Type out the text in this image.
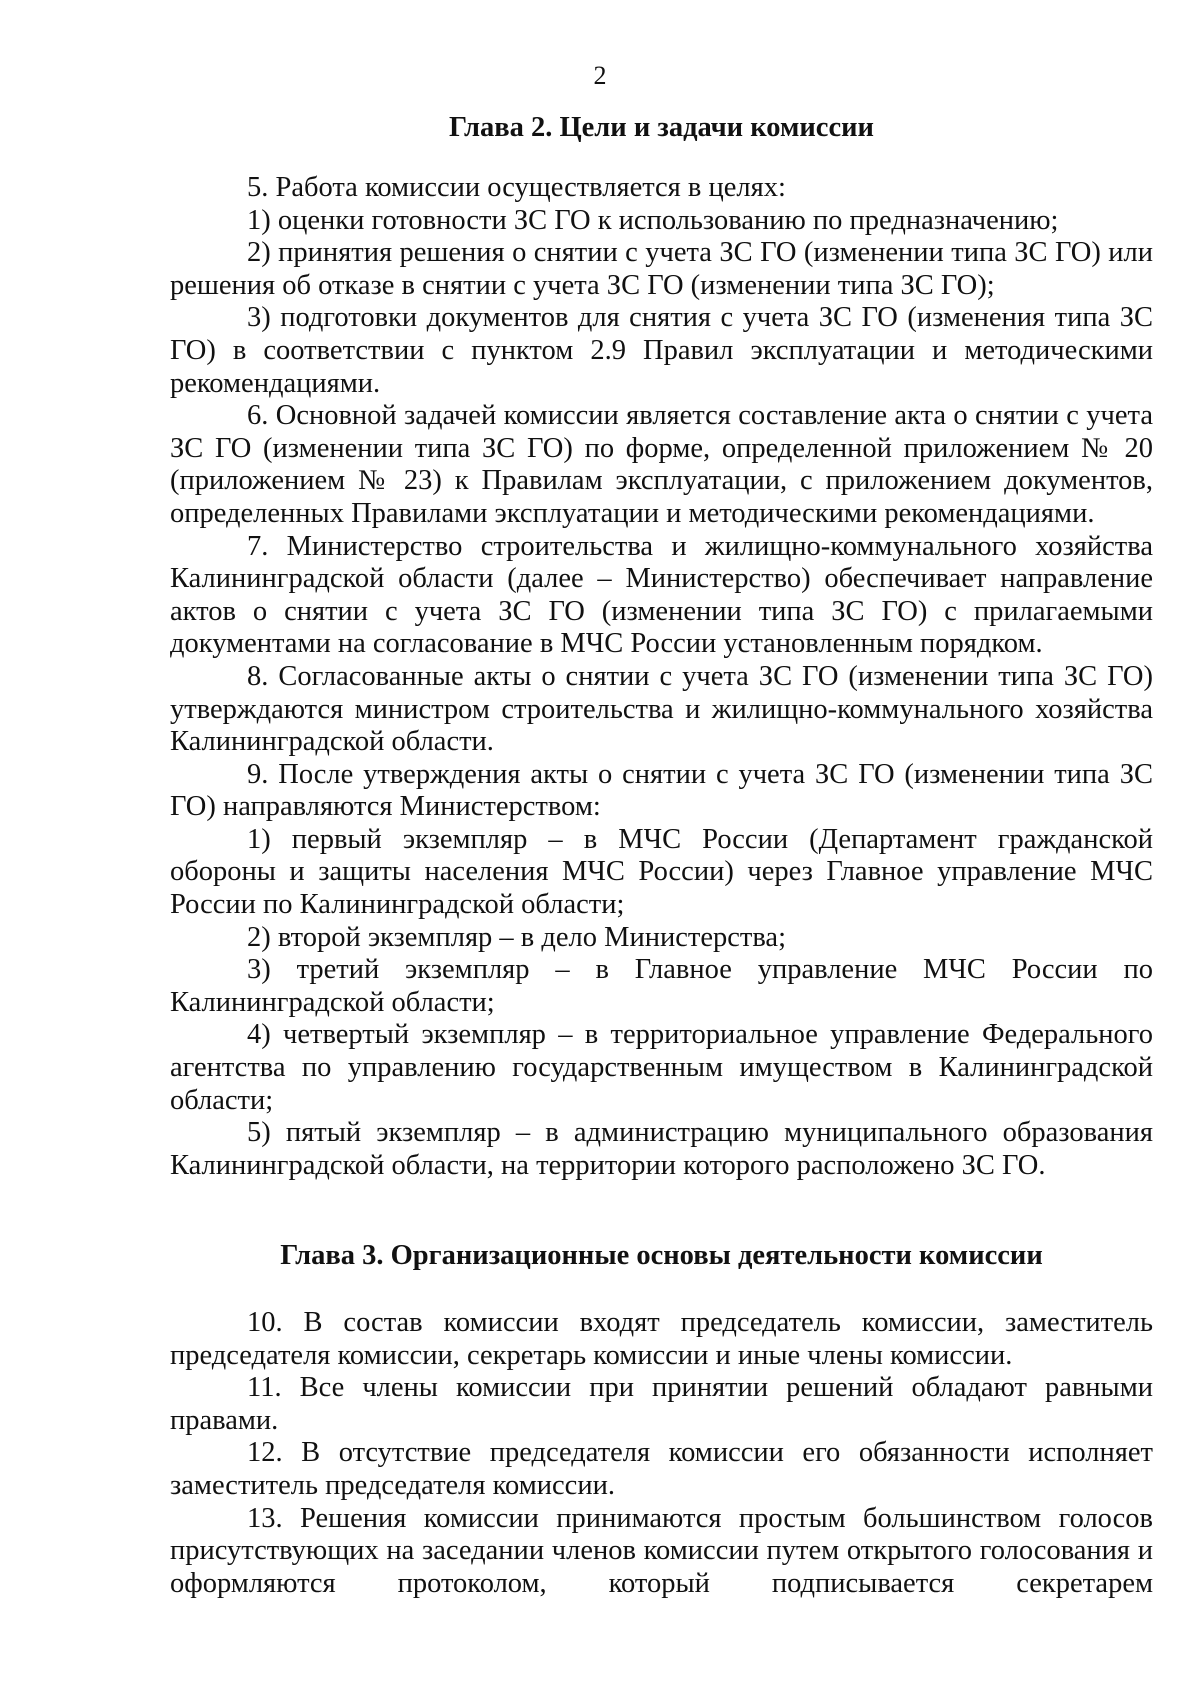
2
Глава 2. Цели и задачи комиссии

5. Работа комиссии осуществляется в целях:

1) оценки готовности ЗС ГО к использованию по предназначению;

2) принятия решения о снятии с учета ЗС ГО (изменении типа ЗС ГО) или решения об отказе в снятии с учета ЗС ГО (изменении типа ЗС ГО);

3) подготовки документов для снятия с учета ЗС ГО (изменения типа ЗС ГО) в соответствии с пунктом 2.9 Правил эксплуатации и методическими рекомендациями.

6. Основной задачей комиссии является составление акта о снятии с учета ЗС ГО (изменении типа ЗС ГО) по форме, определенной приложением № 20 (приложением № 23) к Правилам эксплуатации, с приложением документов, определенных Правилами эксплуатации и методическими рекомендациями.

7. Министерство строительства и жилищно-коммунального хозяйства Калининградской области (далее – Министерство) обеспечивает направление актов о снятии с учета ЗС ГО (изменении типа ЗС ГО) с прилагаемыми документами на согласование в МЧС России установленным порядком.

8. Согласованные акты о снятии с учета ЗС ГО (изменении типа ЗС ГО) утверждаются министром строительства и жилищно-коммунального хозяйства Калининградской области.

9. После утверждения акты о снятии с учета ЗС ГО (изменении типа ЗС ГО) направляются Министерством:

1) первый экземпляр – в МЧС России (Департамент гражданской обороны и защиты населения МЧС России) через Главное управление МЧС России по Калининградской области;

2) второй экземпляр – в дело Министерства;

3) третий экземпляр – в Главное управление МЧС России по Калининградской области;

4) четвертый экземпляр – в территориальное управление Федерального агентства по управлению государственным имуществом в Калининградской области;

5) пятый экземпляр – в администрацию муниципального образования Калининградской области, на территории которого расположено ЗС ГО.

Глава 3. Организационные основы деятельности комиссии

10. В состав комиссии входят председатель комиссии, заместитель председателя комиссии, секретарь комиссии и иные члены комиссии.

11. Все члены комиссии при принятии решений обладают равными правами.

12. В отсутствие председателя комиссии его обязанности исполняет заместитель председателя комиссии.

13. Решения комиссии принимаются простым большинством голосов присутствующих на заседании членов комиссии путем открытого голосования и оформляются протоколом, который подписывается секретарем
